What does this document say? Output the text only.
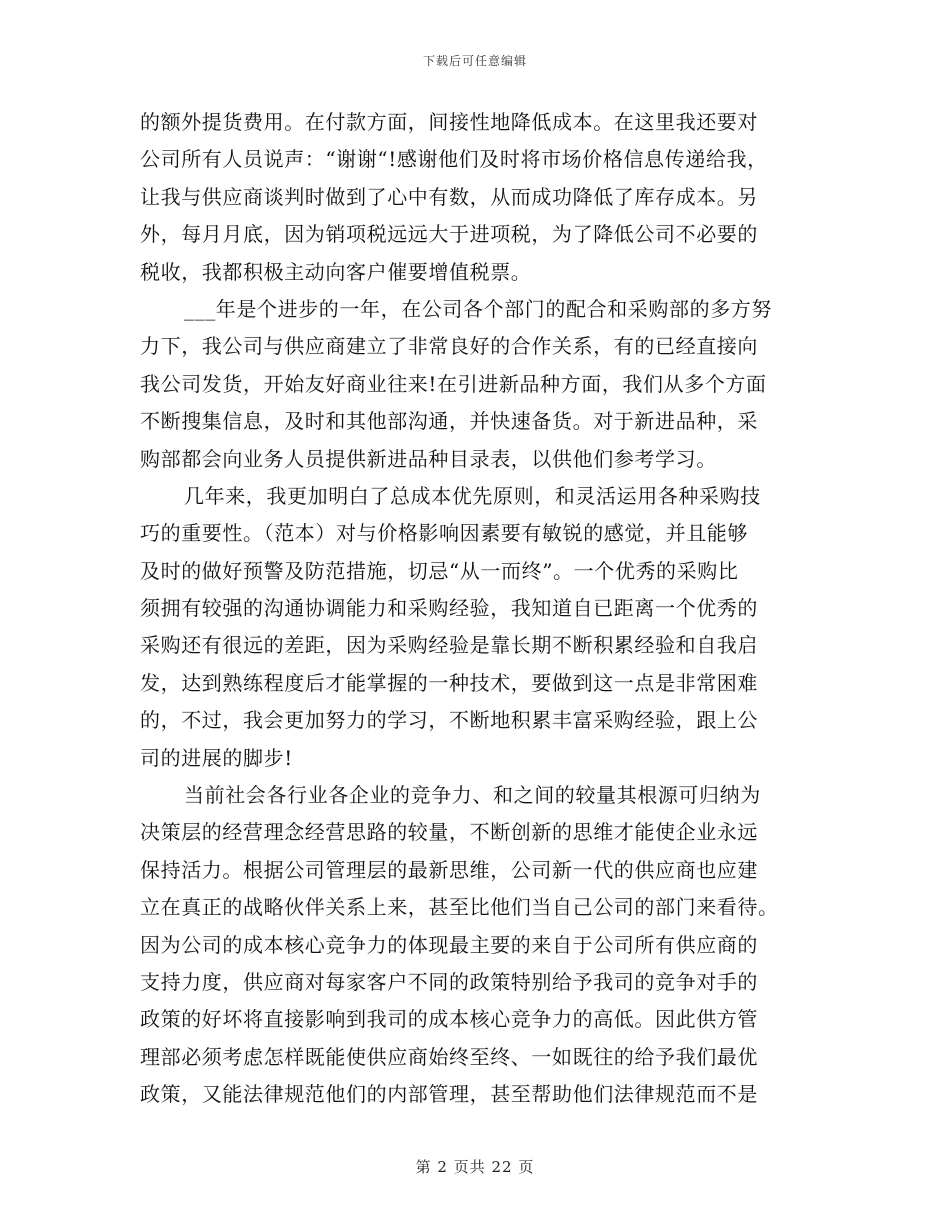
下载后可任意编辑
的额外提货费用。在付款方面，间接性地降低成本。在这里我还要对
公司所有人员说声：“谢谢“!感谢他们及时将市场价格信息传递给我，
让我与供应商谈判时做到了心中有数，从而成功降低了库存成本。另
外，每月月底，因为销项税远远大于进项税，为了降低公司不必要的
税收，我都积极主动向客户催要增值税票。
___年是个进步的一年，在公司各个部门的配合和采购部的多方努
力下，我公司与供应商建立了非常良好的合作关系，有的已经直接向
我公司发货，开始友好商业往来!在引进新品种方面，我们从多个方面
不断搜集信息，及时和其他部沟通，并快速备货。对于新进品种，采
购部都会向业务人员提供新进品种目录表，以供他们参考学习。
几年来，我更加明白了总成本优先原则，和灵活运用各种采购技
巧的重要性。（范本）对与价格影响因素要有敏锐的感觉，并且能够
及时的做好预警及防范措施，切忌“从一而终”。一个优秀的采购比
须拥有较强的沟通协调能力和采购经验，我知道自已距离一个优秀的
采购还有很远的差距，因为采购经验是靠长期不断积累经验和自我启
发，达到熟练程度后才能掌握的一种技术，要做到这一点是非常困难
的，不过，我会更加努力的学习，不断地积累丰富采购经验，跟上公
司的进展的脚步!
当前社会各行业各企业的竞争力、和之间的较量其根源可归纳为
决策层的经营理念经营思路的较量，不断创新的思维才能使企业永远
保持活力。根据公司管理层的最新思维，公司新一代的供应商也应建
立在真正的战略伙伴关系上来，甚至比他们当自己公司的部门来看待。
因为公司的成本核心竞争力的体现最主要的来自于公司所有供应商的
支持力度，供应商对每家客户不同的政策特别给予我司的竞争对手的
政策的好坏将直接影响到我司的成本核心竞争力的高低。因此供方管
理部必须考虑怎样既能使供应商始终至终、一如既往的给予我们最优
政策，又能法律规范他们的内部管理，甚至帮助他们法律规范而不是
第 2 页共 22 页
